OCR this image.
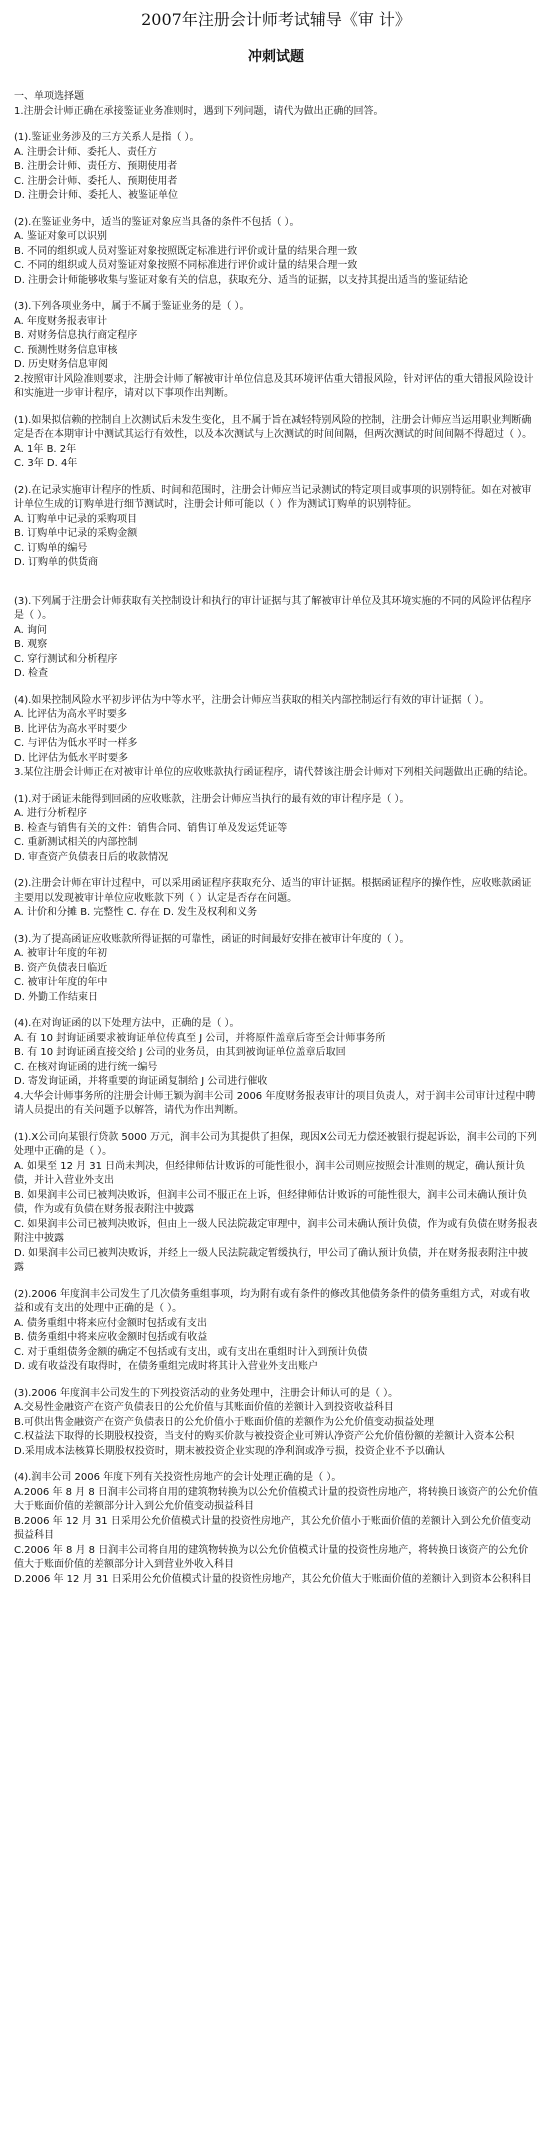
2007年注册会计师考试辅导《审 计》
冲刺试题
一、单项选择题
1.注册会计师正确在承接鉴证业务准则时，遇到下列问题，请代为做出正确的回答。
(1).鉴证业务涉及的三方关系人是指（ ）。
A. 注册会计师、委托人、责任方
B. 注册会计师、责任方、预期使用者
C. 注册会计师、委托人、预期使用者
D. 注册会计师、委托人、被鉴证单位
(2).在鉴证业务中，适当的鉴证对象应当具备的条件不包括（ ）。
A. 鉴证对象可以识别
B. 不同的组织或人员对鉴证对象按照既定标准进行评价或计量的结果合理一致
C. 不同的组织或人员对鉴证对象按照不同标准进行评价或计量的结果合理一致
D. 注册会计师能够收集与鉴证对象有关的信息，获取充分、适当的证据，以支持其提出适当的鉴证结论
(3).下列各项业务中，属于不属于鉴证业务的是（ ）。
A. 年度财务报表审计
B. 对财务信息执行商定程序
C. 预测性财务信息审核
D. 历史财务信息审阅
2.按照审计风险准则要求，注册会计师了解被审计单位信息及其环境评估重大错报风险，针对评估的重大错报风险设计和实施进一步审计程序，请对以下事项作出判断。
(1).如果拟信赖的控制自上次测试后未发生变化，且不属于旨在减轻特别风险的控制，注册会计师应当运用职业判断确定是否在本期审计中测试其运行有效性，以及本次测试与上次测试的时间间隔，但两次测试的时间间隔不得超过（ ）。
A. 1年 B. 2年
C. 3年 D. 4年
(2).在记录实施审计程序的性质、时间和范围时，注册会计师应当记录测试的特定项目或事项的识别特征。如在对被审计单位生成的订购单进行细节测试时，注册会计师可能以（ ）作为测试订购单的识别特征。
A. 订购单中记录的采购项目
B. 订购单中记录的采购金额
C. 订购单的编号
D. 订购单的供货商
(3).下列属于注册会计师获取有关控制设计和执行的审计证据与其了解被审计单位及其环境实施的不同的风险评估程序是（ ）。
A. 询问
B. 观察
C. 穿行测试和分析程序
D. 检查
(4).如果控制风险水平初步评估为中等水平，注册会计师应当获取的相关内部控制运行有效的审计证据（ ）。
A. 比评估为高水平时要多
B. 比评估为高水平时要少
C. 与评估为低水平时一样多
D. 比评估为低水平时要多
3.某位注册会计师正在对被审计单位的应收账款执行函证程序，请代替该注册会计师对下列相关问题做出正确的结论。
(1).对于函证未能得到回函的应收账款，注册会计师应当执行的最有效的审计程序是（ ）。
A. 进行分析程序
B. 检查与销售有关的文件：销售合同、销售订单及发运凭证等
C. 重新测试相关的内部控制
D. 审查资产负债表日后的收款情况
(2).注册会计师在审计过程中，可以采用函证程序获取充分、适当的审计证据。根据函证程序的操作性，应收账款函证主要用以发现被审计单位应收账款下列（ ）认定是否存在问题。
A. 计价和分摊 B. 完整性 C. 存在 D. 发生及权利和义务
(3).为了提高函证应收账款所得证据的可靠性，函证的时间最好安排在被审计年度的（ ）。
A. 被审计年度的年初
B. 资产负债表日临近
C. 被审计年度的年中
D. 外勤工作结束日
(4).在对询证函的以下处理方法中，正确的是（ ）。
A. 有 10 封询证函要求被询证单位传真至 J 公司，并将原件盖章后寄至会计师事务所
B. 有 10 封询证函直接交给 J 公司的业务员，由其到被询证单位盖章后取回
C. 在核对询证函的进行统一编号
D. 寄发询证函，并将重要的询证函复制给 J 公司进行催收
4.大华会计师事务所的注册会计师王颖为润丰公司 2006 年度财务报表审计的项目负责人，对于润丰公司审计过程中聘请人员提出的有关问题予以解答，请代为作出判断。
(1).X公司向某银行贷款 5000 万元，润丰公司为其提供了担保，现因X公司无力偿还被银行提起诉讼，润丰公司的下列处理中正确的是（ ）。
A. 如果至 12 月 31 日尚未判决，但经律师估计败诉的可能性很小，润丰公司则应按照会计准则的规定，确认预计负债，并计入营业外支出
B. 如果润丰公司已被判决败诉，但润丰公司不服正在上诉，但经律师估计败诉的可能性很大，润丰公司未确认预计负债，作为或有负债在财务报表附注中披露
C. 如果润丰公司已被判决败诉，但由上一级人民法院裁定审理中，润丰公司未确认预计负债，作为或有负债在财务报表附注中披露
D. 如果润丰公司已被判决败诉，并经上一级人民法院裁定暂缓执行，甲公司了确认预计负债，并在财务报表附注中披露
(2).2006 年度润丰公司发生了几次债务重组事项，均为附有或有条件的修改其他债务条件的债务重组方式，对或有收益和或有支出的处理中正确的是（ ）。
A. 债务重组中将来应付金额时包括或有支出
B. 债务重组中将来应收金额时包括或有收益
C. 对于重组债务金额的确定不包括或有支出，或有支出在重组时计入到预计负债
D. 或有收益没有取得时，在债务重组完成时将其计入营业外支出账户
(3).2006 年度润丰公司发生的下列投资活动的业务处理中，注册会计师认可的是（ ）。
A.交易性金融资产在资产负债表日的公允价值与其账面价值的差额计入到投资收益科目
B.可供出售金融资产在资产负债表日的公允价值小于账面价值的差额作为公允价值变动损益处理
C.权益法下取得的长期股权投资，当支付的购买价款与被投资企业可辨认净资产公允价值份额的差额计入资本公积
D.采用成本法核算长期股权投资时，期末被投资企业实现的净利润或净亏损，投资企业不予以确认
(4).润丰公司 2006 年度下列有关投资性房地产的会计处理正确的是（ ）。
A.2006 年 8 月 8 日润丰公司将自用的建筑物转换为以公允价值模式计量的投资性房地产，将转换日该资产的公允价值大于账面价值的差额部分计入到公允价值变动损益科目
B.2006 年 12 月 31 日采用公允价值模式计量的投资性房地产，其公允价值小于账面价值的差额计入到公允价值变动损益科目
C.2006 年 8 月 8 日润丰公司将自用的建筑物转换为以公允价值模式计量的投资性房地产，将转换日该资产的公允价值大于账面价值的差额部分计入到营业外收入科目
D.2006 年 12 月 31 日采用公允价值模式计量的投资性房地产，其公允价值大于账面价值的差额计入到资本公积科目
